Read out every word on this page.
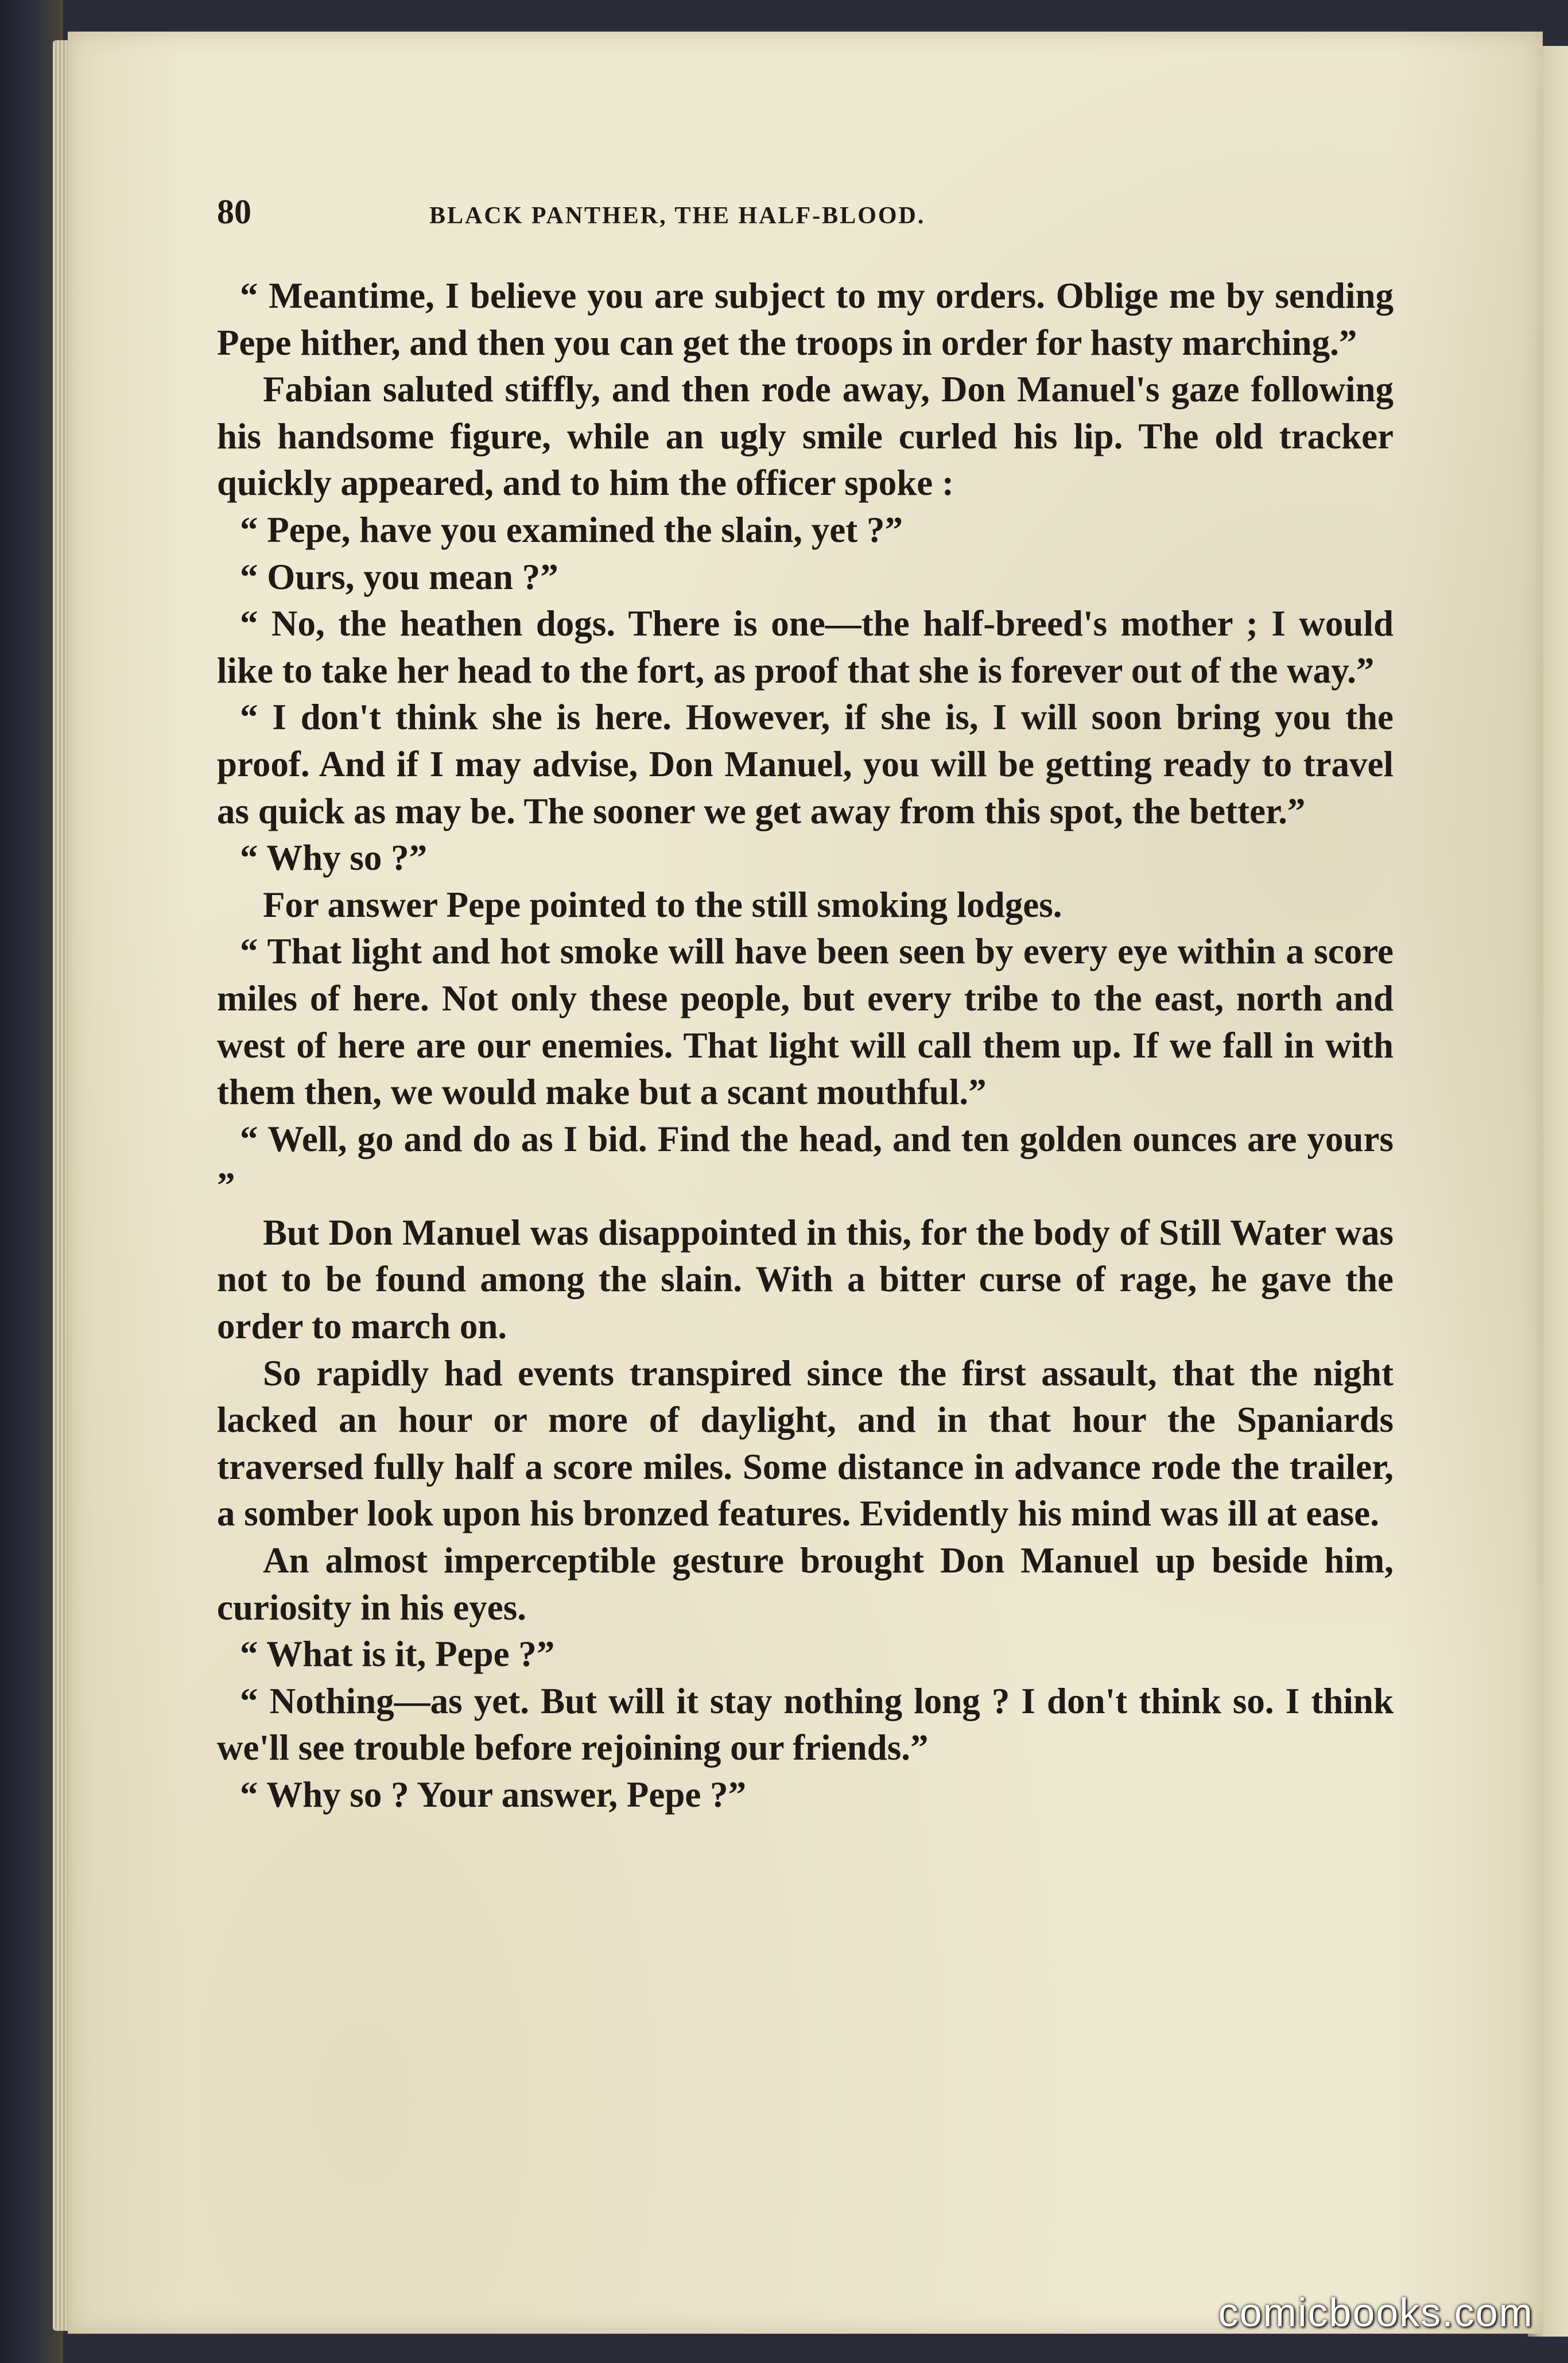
80	BLACK PANTHER, THE HALF-BLOOD.

“ Meantime, I believe you are subject to my orders. Oblige me by sending Pepe hither, and then you can get the troops in order for hasty marching.”

Fabian saluted stiffly, and then rode away, Don Manuel's gaze following his handsome figure, while an ugly smile curled his lip. The old tracker quickly appeared, and to him the officer spoke :

“ Pepe, have you examined the slain, yet ?”

“ Ours, you mean ?”

“ No, the heathen dogs. There is one—the half-breed's mother ; I would like to take her head to the fort, as proof that she is forever out of the way.”

“ I don't think she is here. However, if she is, I will soon bring you the proof. And if I may advise, Don Manuel, you will be getting ready to travel as quick as may be. The sooner we get away from this spot, the better.”

“ Why so ?”

For answer Pepe pointed to the still smoking lodges.

“ That light and hot smoke will have been seen by every eye within a score miles of here. Not only these people, but every tribe to the east, north and west of here are our enemies. That light will call them up. If we fall in with them then, we would make but a scant mouthful.”

“ Well, go and do as I bid. Find the head, and ten golden ounces are yours ”

But Don Manuel was disappointed in this, for the body of Still Water was not to be found among the slain. With a bitter curse of rage, he gave the order to march on.

So rapidly had events transpired since the first assault, that the night lacked an hour or more of daylight, and in that hour the Spaniards traversed fully half a score miles. Some distance in advance rode the trailer, a somber look upon his bronzed features. Evidently his mind was ill at ease.

An almost imperceptible gesture brought Don Manuel up beside him, curiosity in his eyes.

“ What is it, Pepe ?”

“ Nothing—as yet. But will it stay nothing long ? I don't think so. I think we'll see trouble before rejoining our friends.”

“ Why so ? Your answer, Pepe ?”

comicbooks.com
